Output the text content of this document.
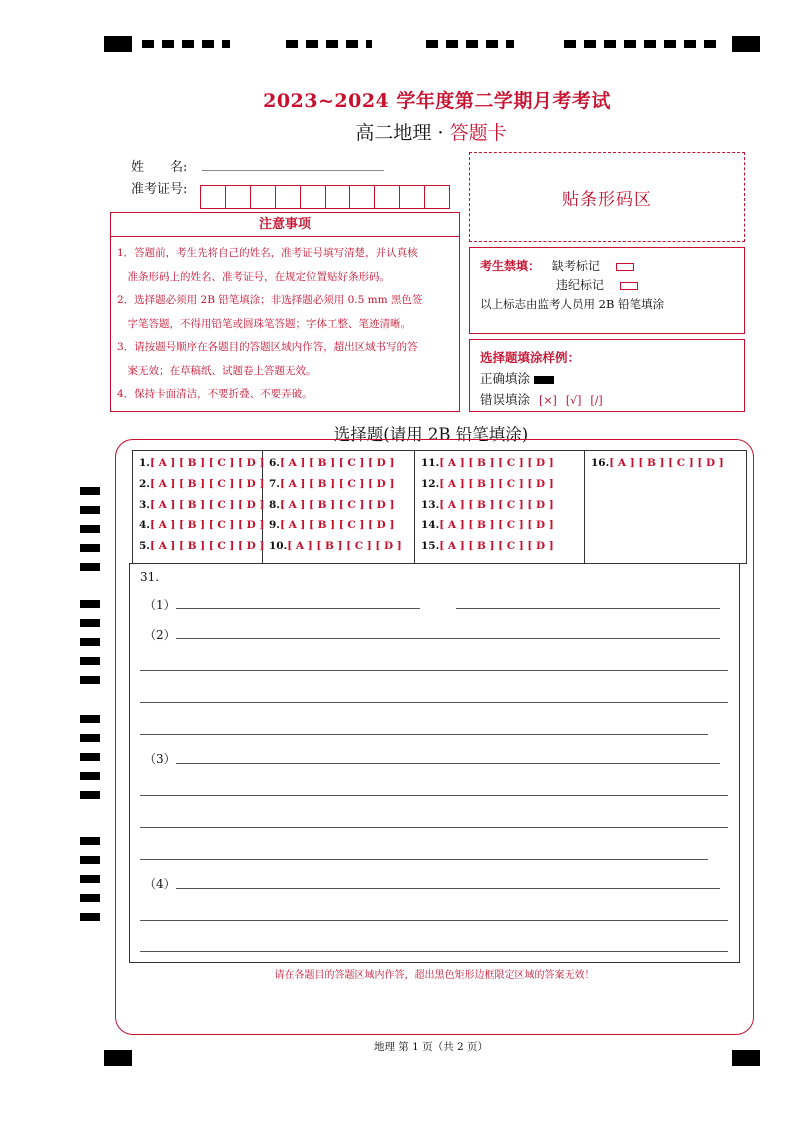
2023~2024 学年度第二学期月考考试
高二地理 · 答题卡
姓　　名:
准考证号:	贴条形码区
注意事项
1．答题前，考生先将自己的姓名，准考证号填写清楚，并认真核
　准条形码上的姓名、准考证号，在规定位置贴好条形码。
2．选择题必须用 2B 铅笔填涂；非选择题必须用 0.5 mm 黑色签
　字笔答题，不得用铅笔或圆珠笔答题；字体工整、笔迹清晰。
3．请按题号顺序在各题目的答题区域内作答，超出区域书写的答
　案无效；在草稿纸、试题卷上答题无效。
4．保持卡面清洁，不要折叠、不要弄破。
考生禁填： 缺考标记
违纪标记
以上标志由监考人员用 2B 铅笔填涂
选择题填涂样例：
正确填涂
错误填涂 [×] [√] [/]
选择题(请用 2B 铅笔填涂)
1.[ A ] [ B ] [ C ] [ D ]
2.[ A ] [ B ] [ C ] [ D ]
3.[ A ] [ B ] [ C ] [ D ]
4.[ A ] [ B ] [ C ] [ D ]
5.[ A ] [ B ] [ C ] [ D ]
6.[ A ] [ B ] [ C ] [ D ]
7.[ A ] [ B ] [ C ] [ D ]
8.[ A ] [ B ] [ C ] [ D ]
9.[ A ] [ B ] [ C ] [ D ]
10.[ A ] [ B ] [ C ] [ D ]
11.[ A ] [ B ] [ C ] [ D ]
12.[ A ] [ B ] [ C ] [ D ]
13.[ A ] [ B ] [ C ] [ D ]
14.[ A ] [ B ] [ C ] [ D ]
15.[ A ] [ B ] [ C ] [ D ]
16.[ A ] [ B ] [ C ] [ D ]
31.
（1）
（2）
（3）
（4）
请在各题目的答题区域内作答，超出黑色矩形边框限定区域的答案无效！
地理 第 1 页（共 2 页）
